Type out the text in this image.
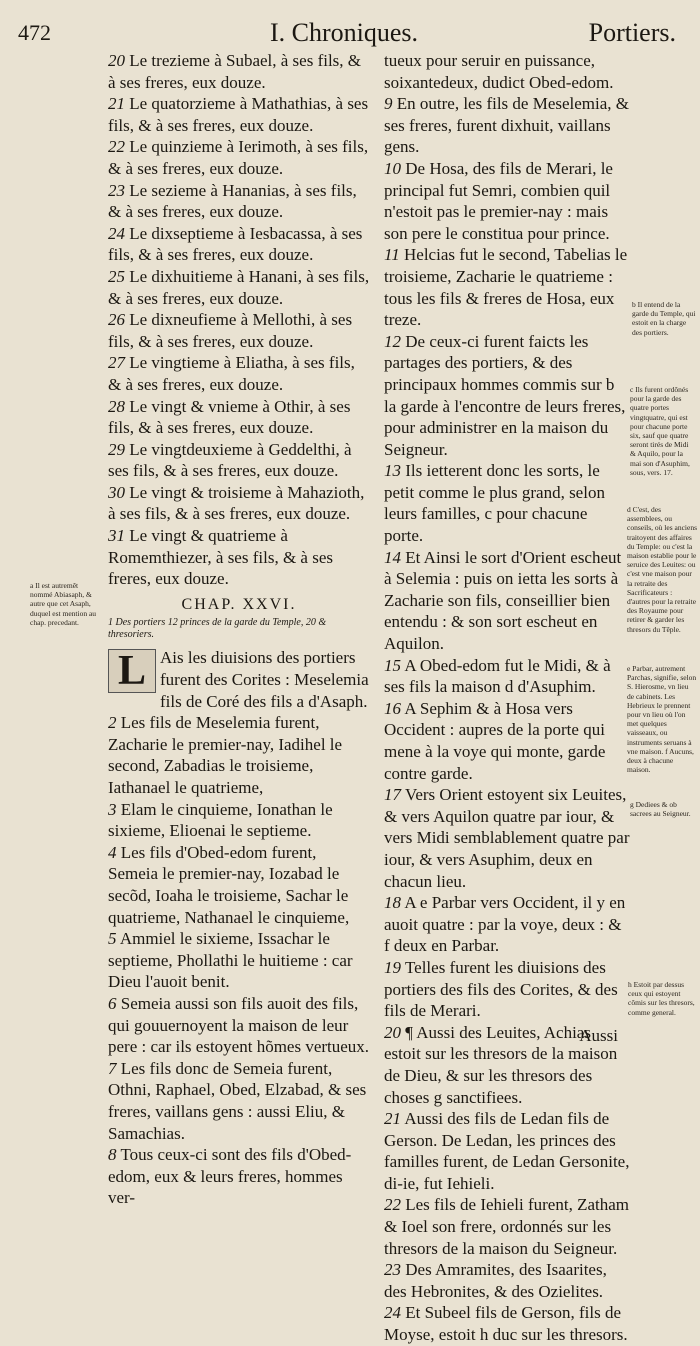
472	I. Chroniques.	Portiers.

20 Le trezieme à Subael, à ses fils, & à ses freres, eux douze.

21 Le quatorzieme à Mathathias, à ses fils, & à ses freres, eux douze.

22 Le quinzieme à Ierimoth, à ses fils, & à ses freres, eux douze.

23 Le sezieme à Hananias, à ses fils, & à ses freres, eux douze.

24 Le dixseptieme à Iesbacassa, à ses fils, & à ses freres, eux douze.

25 Le dixhuitieme à Hanani, à ses fils, & à ses freres, eux douze.

26 Le dixneufieme à Mellothi, à ses fils, & à ses freres, eux douze.

27 Le vingtieme à Eliatha, à ses fils, & à ses freres, eux douze.

28 Le vingt & vnieme à Othir, à ses fils, & à ses freres, eux douze.

29 Le vingtdeuxieme à Geddelthi, à ses fils, & à ses freres, eux douze.

30 Le vingt & troisieme à Mahazioth, à ses fils, & à ses freres, eux douze.

31 Le vingt & quatrieme à Romemthiezer, à ses fils, & à ses freres, eux douze.

CHAP. XXVI.
1 Des portiers 12 princes de la garde du Temple, 20 & thresoriers.

L Ais les diuisions des portiers furent des Corites : Meselemia fils de Coré des fils a d'Asaph.

2 Les fils de Meselemia furent, Zacharie le premier-nay, Iadihel le second, Zabadias le troisieme, Iathanael le quatrieme,

3 Elam le cinquieme, Ionathan le sixieme, Elioenai le septieme.

4 Les fils d'Obed-edom furent, Semeia le premier-nay, Iozabad le secõd, Ioaha le troisieme, Sachar le quatrieme, Nathanael le cinquieme,

5 Ammiel le sixieme, Issachar le septieme, Phollathi le huitieme : car Dieu l'auoit benit.

6 Semeia aussi son fils auoit des fils, qui gouuernoyent la maison de leur pere : car ils estoyent hõmes vertueux.

7 Les fils donc de Semeia furent, Othni, Raphael, Obed, Elzabad, & ses freres, vaillans gens : aussi Eliu, & Samachias.

8 Tous ceux-ci sont des fils d'Obed-edom, eux & leurs freres, hommes ver-

tueux pour seruir en puissance, soixantedeux, dudict Obed-edom.

9 En outre, les fils de Meselemia, & ses freres, furent dixhuit, vaillans gens.

10 De Hosa, des fils de Merari, le principal fut Semri, combien quil n'estoit pas le premier-nay : mais son pere le constitua pour prince.

11 Helcias fut le second, Tabelias le troisieme, Zacharie le quatrieme : tous les fils & freres de Hosa, eux treze.

12 De ceux-ci furent faicts les partages des portiers, & des principaux hommes commis sur b la garde à l'encontre de leurs freres, pour administrer en la maison du Seigneur.

13 Ils ietterent donc les sorts, le petit comme le plus grand, selon leurs familles, c pour chacune porte.

14 Et Ainsi le sort d'Orient escheut à Selemia : puis on ietta les sorts à Zacharie son fils, conseillier bien entendu : & son sort escheut en Aquilon.

15 A Obed-edom fut le Midi, & à ses fils la maison d d'Asuphim.

16 A Sephim & à Hosa vers Occident : aupres de la porte qui mene à la voye qui monte, garde contre garde.

17 Vers Orient estoyent six Leuites, & vers Aquilon quatre par iour, & vers Midi semblablement quatre par iour, & vers Asuphim, deux en chacun lieu.

18 A e Parbar vers Occident, il y en auoit quatre : par la voye, deux : & f deux en Parbar.

19 Telles furent les diuisions des portiers des fils des Corites, & des fils de Merari.

20 ¶ Aussi des Leuites, Achias estoit sur les thresors de la maison de Dieu, & sur les thresors des choses g sanctifiees.

21 Aussi des fils de Ledan fils de Gerson. De Ledan, les princes des familles furent, de Ledan Gersonite, di-ie, fut Iehieli.

22 Les fils de Iehieli furent, Zatham & Ioel son frere, ordonnés sur les thresors de la maison du Seigneur.

23 Des Amramites, des Isaarites, des Hebronites, & des Ozielites.

24 Et Subeel fils de Gerson, fils de Moyse, estoit h duc sur les thresors.

a Il est autremẽt nommé Abiasaph, & autre que cet Asaph, duquel est mention au chap. precedant.
b Il entend de la garde du Temple, qui estoit en la charge des portiers.
c Ils furent ordõnés pour la garde des quatre portes vingtquatre, qui est pour chacune porte six, sauf que quatre seront tirés de Midi & Aquilo, pour la mai son d'Asuphim, sous, vers. 17.
d C'est, des assemblees, ou conseils, où les anciens traitoyent des affaires du Temple: ou c'est la maison establie pour le seruice des Leuites: ou c'est vne maison pour la retraite des Sacrificateurs : d'autres pour la retraite des Royaume pour retirer & garder les thresors du Tẽple.
e Parbar, autrement Parchas, signifie, selon S. Hierosme, vn lieu de cabinets. Les Hebrieux le prennent pour vn lieu où l'on met quelques vaisseaux, ou instruments seruans à vne maison. f Aucuns, deux à chacune maison.
g Dediees & ob sacrees au Seigneur.
h Estoit par dessus ceux qui estoyent cõmis sur les thresors, comme general.
Aussi
